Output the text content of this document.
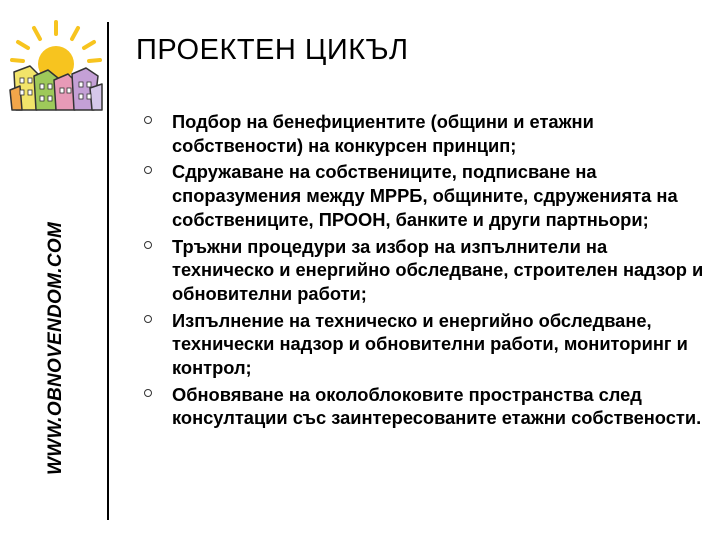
ПРОЕКТЕН ЦИКЪЛ
WWW.OBNOVENDOM.COM
Подбор на бенефициентите (общини и етажни собствености) на конкурсен принцип;
Сдружаване на собствениците, подписване на споразумения между МРРБ, общините, сдруженията на собствениците, ПРООН, банките и други партньори;
Тръжни процедури за избор на изпълнители на техническо и енергийно обследване, строителен надзор и обновителни работи;
Изпълнение на техническо и енергийно обследване, технически надзор и обновителни работи, мониторинг и контрол;
Обновяване на околоблоковите пространства след консултации със заинтересованите етажни собствености.
